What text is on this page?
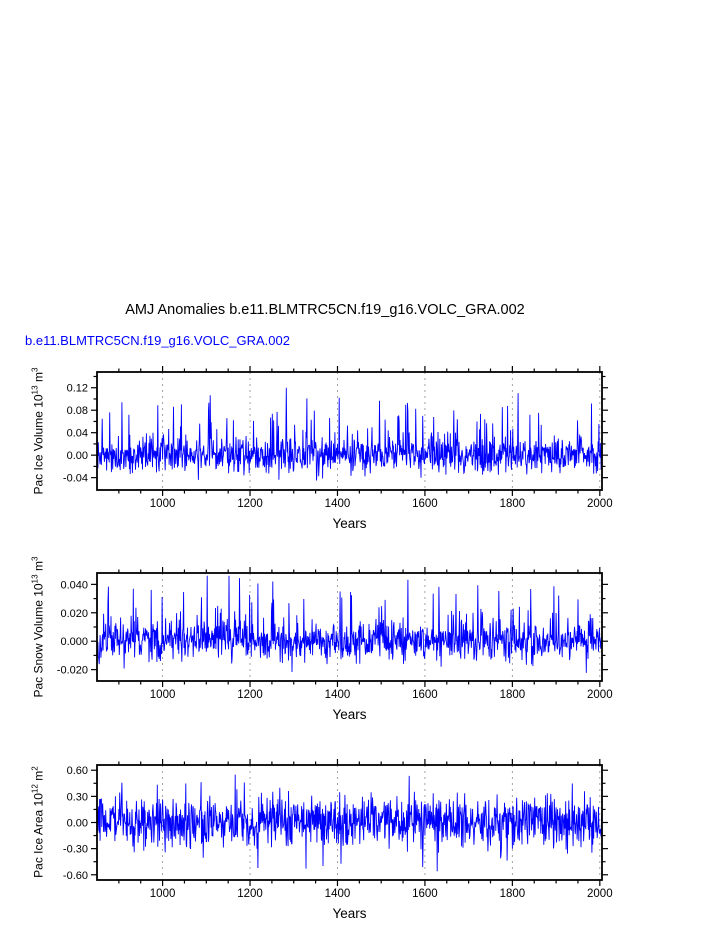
AMJ Anomalies b.e11.BLMTRC5CN.f19_g16.VOLC_GRA.002
b.e11.BLMTRC5CN.f19_g16.VOLC_GRA.002
Pac Ice Volume $10^{13}$ $m^3$
Pac Snow Volume $10^{13}$ $m^3$
Pac Ice Area $10^{12}$ $m^2$
1000	1200	1400	1600	1800	2000
0.12
0.08
0.04
0.00
-0.04
Years
1000	1200	1400	1600	1800	2000
0.040
0.020
0.000
-0.020
Years
1000	1200	1400	1600	1800	2000
0.60
0.30
0.00
-0.30
-0.60
Years
